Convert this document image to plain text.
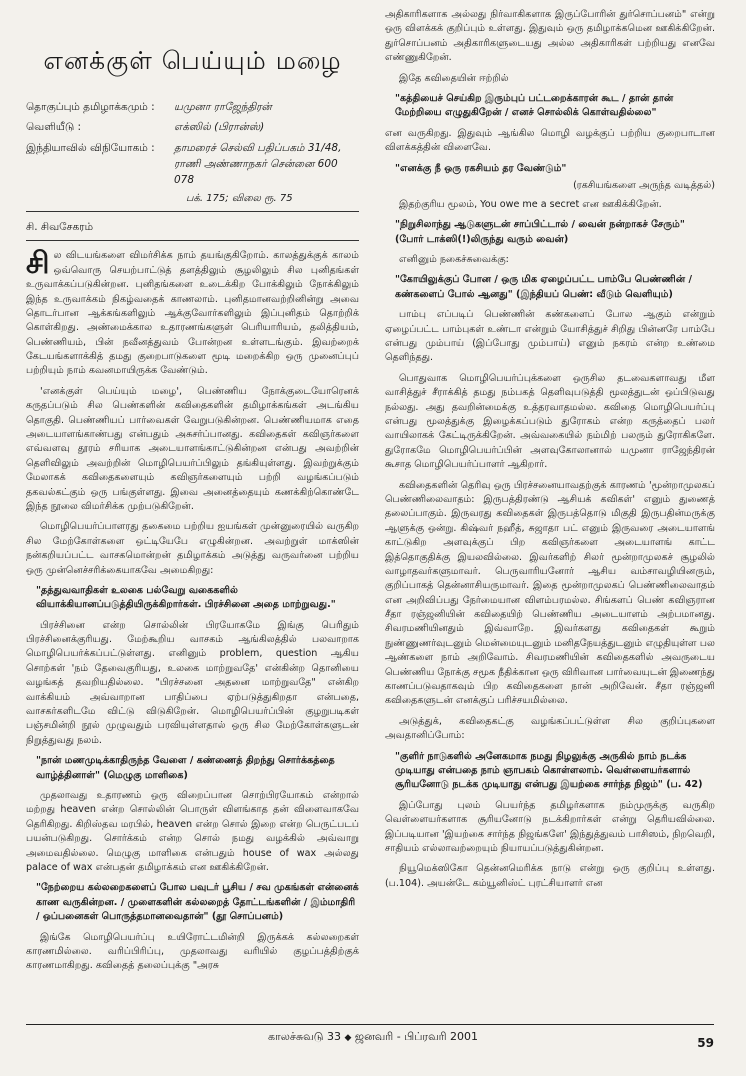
எனக்குள் பெய்யும் மழை
தொகுப்பும் தமிழாக்கமும் :	யமுனா ராஜேந்திரன்
வெளியீடு :	எக்ஸில் (பிரான்ஸ்)
இந்தியாவில் விநியோகம் :	தாமரைச் செல்வி பதிப்பகம் 31/48, ராணி அண்ணாநகர் சென்னை 600 078
பக். 175; விலை ரூ. 75
சி. சிவசேகரம்

சில விடயங்களை விமர்சிக்க நாம் தயங்குகிறோம். காலத்துக்குக் காலம் ஒவ்வொரு செயற்பாட்டுத் தளத்திலும் சூழலிலும் சில புனிதங்கள் உருவாக்கப்படுகின்றன. புனிதங்களை உடைக்கிற போக்கிலும் நோக்கிலும் இந்த உருவாக்கம் நிகழ்வதைக் காணலாம். புனிதமானவற்றினின்று அவை தொடர்பான ஆக்கங்களிலும் ஆக்குவோர்களிலும் இப்புனிதம் தொற்றிக் கொள்கிறது. அண்மைக்கால உதாரணங்களுள் பெரியாரியம், தலித்தியம், பெண்ணியம், பின் நவீனத்துவம் போன்றன உள்ளடங்கும். இவற்றைக் கேடயங்களாக்கித் தமது குறைபாடுகளை மூடி மறைக்கிற ஒரு முனைப்புப் பற்றியும் நாம் கவனமாயிருக்க வேண்டும்.

'எனக்குள் பெய்யும் மழை', பெண்ணிய நோக்குடையோரெனக் கருதப்படும் சில பெண்களின் கவிதைகளின் தமிழாக்கங்கள் அடங்கிய தொகுதி. பெண்ணியப் பார்வைகள் வேறுபடுகின்றன. பெண்ணியமாக எதை அடையாளங்காண்பது என்பதும் அசுசர்ப்பானது. கவிதைகள் கவிஞர்களை எவ்வளவு தூரம் சரியாக அடையாளங்காட்டுகின்றன என்பது அவற்றின் தெளிவிலும் அவற்றின் மொழிபெயர்ப்பிலும் தங்கியுள்ளது. இவற்றுக்கும் மேலாகக் கவிதைகளையும் கவிஞர்களையும் பற்றி வழங்கப்படும் தகவல்கட்கும் ஒரு பங்குள்ளது. இவை அனைத்தையும் கணக்கிற்கொண்டே இந்த நூலை விமர்சிக்க முற்படுகிறேன்.

மொழிபெயர்ப்பாளரது தகைமை பற்றிய ஐயங்கள் முன்னுரையில் வருகிற சில மேற்கோள்களை ஒட்டியேபே எழுகின்றன. அவற்றுள் மாக்ஸின் நன்கறியப்பட்ட வாசகமொன்றன் தமிழாக்கம் அடுத்து வருவர்னை பற்றிய ஒரு முன்னெச்சரிக்கையாகவே அமைகிறது:

"தத்துவவாதிகள் உலகை பல்வேறு வகைகளில் வியாக்கியானப்படுத்தியிருக்கிறார்கள். பிரச்சினை அதை மாற்றுவது."

பிரச்சினை என்ற சொல்லின் பிரயோகமே இங்கு பெரிதும் பிரச்சினைக்குரியது. மேற்கூறிய வாசகம் ஆங்கிலத்தில் பலவாறாக மொழிபெயர்க்கப்பட்டுள்ளது. எனினும் problem, question ஆகிய சொற்கள் 'நம் தேவைகுரியது, உலகை மாற்றுவதே' என்கின்ற தொனியை வழங்கத் தவறியதில்லை. "பிரச்சனை அதனை மாற்றுவதே" என்கிற வாக்கியம் அவ்வாறான பாதிப்பை ஏற்படுத்துகிறதா என்பதை, வாசகர்களிடமே விட்டு விடுகிறேன். மொழிபெயர்ப்பின் குழறுபடிகள் பஞ்சமின்றி நூல் முழுவதும் பரவியுள்ளதால் ஒரு சில மேற்கோள்களுடன் நிறுத்துவது நலம்.

"நான் மணமுடிக்காதிருந்த வேளை / கண்ணைத் திறந்து சொர்க்கத்தை வாழ்த்தினாள்" (மெழுகு மாளிகை)

முதலாவது உதாரணம் ஒரு விறைப்பான சொற்பிரயோகம் என்றால் மற்றது heaven என்ற சொல்லின் பொருள் விளங்காத தன் விளைவாகவே தெரிகிறது. கிறிஸ்தவ மரபில், heaven என்ற சொல் இறை என்ற பெருட்படப் பயன்படுகிறது. சொர்க்கம் என்ற சொல் நமது வழக்கில் அவ்வாறு அமைவதில்லை. மெழுகு மாளிகை என்பதும் house of wax அல்லது palace of wax என்பதன் தமிழாக்கம் என ஊகிக்கிறேன்.

"நேற்றைய கல்லறைகளைப் போல பவுடர் பூசிய / சவ முகங்கள் என்னைக் காண வருகின்றன. / முளைகளின் கல்லறைத் தோட்டங்களின் / இம்மாதிரி / ஒப்பனைகள் பொருத்தமானவைதான்" (தூ சொப்பனம்)

இங்கே மொழிபெயர்ப்பு உயிரோட்டமின்றி இருக்கக் கல்லறைகள் காரணமில்லை. வரிப்பிரிப்பு, முதலாவது வரியில் குழப்பத்திற்குக் காரணமாகிறது. கவிதைத் தலைப்புக்கு "அரசு

அதிகாரிகளாக அல்லது நிர்வாகிகளாக இருப்போரின் துர்சொப்பனம்" என்று ஒரு விளக்கக் குறிப்பும் உள்ளது. இதுவும் ஒரு தமிழாக்கமென ஊகிக்கிறேன். துர்சொப்பனம் அதிகாரிகளுடையது அல்ல அதிகாரிகள் பற்றியது எனவே எண்ணுகிறேன்.

இதே கவிதையின் ஈற்றில்

"கத்தியைச் செய்கிற இரும்புப் பட்டறைக்காரன் கூட / தான் தான் மேற்றியை எழுதுகிறேன் / எனச் சொல்லிக் கொள்வதில்லை"

என வருகிறது. இதுவும் ஆங்கில மொழி வழக்குப் பற்றிய குறைபாடான விளக்கத்தின் விளைவே.

"எனக்கு நீ ஒரு ரகசியம் தர வேண்டும்"
(ரகசியங்களை அருந்த வடித்தல்)

இதற்குரிய மூலம், You owe me a secret என ஊகிக்கிறேன்.

"நிறுசிலாந்து ஆடுகளுடன் சாப்பிட்டால் / வைன் நன்றாகச் சேரும்" (போர் டாக்ஸி(!)லிருந்து வரும் வைன்)

எனினும் நகைச்சுவைக்கு:

"கோயிலுக்குப் போன / ஒரு மிக ஏழைப்பட்ட பாம்பே பெண்ணின் / கண்களைப் போல் ஆனது" (இந்தியப் பெண்: வீடும் வெளியும்)

பாம்பு எப்படிப் பெண்ணின் கண்களைப் போல ஆகும் என்றும் ஏழைப்பட்ட பாம்புகள் உண்டா என்றும் யோசித்துச் சிறிது பின்னரே பாம்பே என்பது மும்பாய் (இப்போது மும்பாய்) எனும் நகரம் என்ற உண்மை தெளிந்தது.

பொதுவாக மொழிபெயர்ப்புக்களை ஒருசில தடவைகளாவது மீள வாசித்துச் சீராக்கித் தமது நம்பகத் தெளிவுபடுத்தி மூலத்துடன் ஒப்பிடுவது நல்லது. அது தவறின்மைக்கு உத்தரவாதமல்ல. கவிதை மொழிபெயர்ப்பு என்பது மூலத்துக்கு இழைக்கப்படும் துரோகம் என்ற கருத்தைப் பலர் வாயிலாகக் கேட்டிருக்கிறேன். அவ்வகையில் நம்மிற் பலரும் துரோகிகளே. துரோகமே மொழிபெயர்ப்பின் அளவுகோலானால் யமுனா ராஜேந்திரன் கூசாத மொழிபெயர்ப்பாளர் ஆகிறார்.

கவிதைகளின் தெரிவு ஒரு பிரச்சனையாவதற்குக் காரணம் 'மூன்றாமுலகப் பெண்ணிலைவாதம்: இருபத்திரண்டு ஆசியக் கவிகள்' எனும் துணைத் தலைப்பாகும். இருவரது கவிதைகள் இருபத்தொடு மிகுதி இருபதின்மருக்கு ஆளுக்கு ஒன்று. கிஷ்வர் நஹீத், சுஜாதா பட் எனும் இருவரை அடையாளங் காட்டுகிற அளவுக்குப் பிற கவிஞர்களை அடையாளங் காட்ட இத்தொகுதிக்கு இயலவில்லை. இவர்களிற் சிலர் மூன்றாமுலகச் சூழலில் வாழாதவர்களுமாவர். பெருவாரியனோர் ஆசிய வம்சாவழியினரும், குறிப்பாகத் தென்னாசியருமாவர். இதை மூன்றாமுலகப் பெண்ணிலைவாதம் என அறிவிப்பது நேர்மையான விளம்பரமல்ல. சிங்களப் பெண் கவிஞரான சீதா ரஞ்ஜனியின் கவிதையிற் பெண்ணிய அடையாளம் அற்பமானது. சிவரமணியினதும் இவ்வாறே. இவர்களது கவிதைகள் கூறும் நுண்ணுணர்வுடனும் மென்மையுடனும் மனிதநேயத்துடனும் எழுதியுள்ள பல ஆண்களை நாம் அறிவோம். சிவரமணியின் கவிதைகளில் அவருடைய பெண்ணிய நோக்கு சமூக நீதிக்கான ஒரு விரிவான பார்வையுடன் இணைந்து காணப்படுவதாகவும் பிற கவிதைகளை நான் அறிவேன். சீதா ரஞ்ஜனி கவிதைகளுடன் எனக்குப் பரிச்சயமில்லை.

அடுத்துக், கவிதைகட்கு வழங்கப்பட்டுள்ள சில குறிப்புகளை அவதானிப்போம்:

"குளிர் நாடுகளில் அனேகமாக நமது நிழலுக்கு அருகில் நாம் நடக்க முடியாது என்பதை நாம் ஞாபகம் கொள்ளலாம். வெள்ளையர்களால் சூரியனோடு நடக்க முடியாது என்பது இயற்கை சார்ந்த நிஜம்" (ப. 42)

இப்போது புலம் பெயர்ந்த தமிழர்களாக நம்முருக்கு வருகிற வெள்ளையர்களாக சூரியனோடு நடக்கிறார்கள் என்று தெரியவில்லை. இப்படியான 'இயற்கை சார்ந்த நிஜங்களே' இந்துத்துவம் பாசிஸம், நிறவெறி, சாதியம் எல்லாவற்றையும் நியாயப்படுத்துகின்றன.

நியூமெக்ஸிகோ தென்னமெரிக்க நாடு என்று ஒரு குறிப்பு உள்ளது. (ப.104). அயன்டே கம்யூனிஸ்ட் புரட்சியாளர் என

காலச்சுவடு 33 ◆ ஜனவரி - பிப்ரவரி 2001	59
